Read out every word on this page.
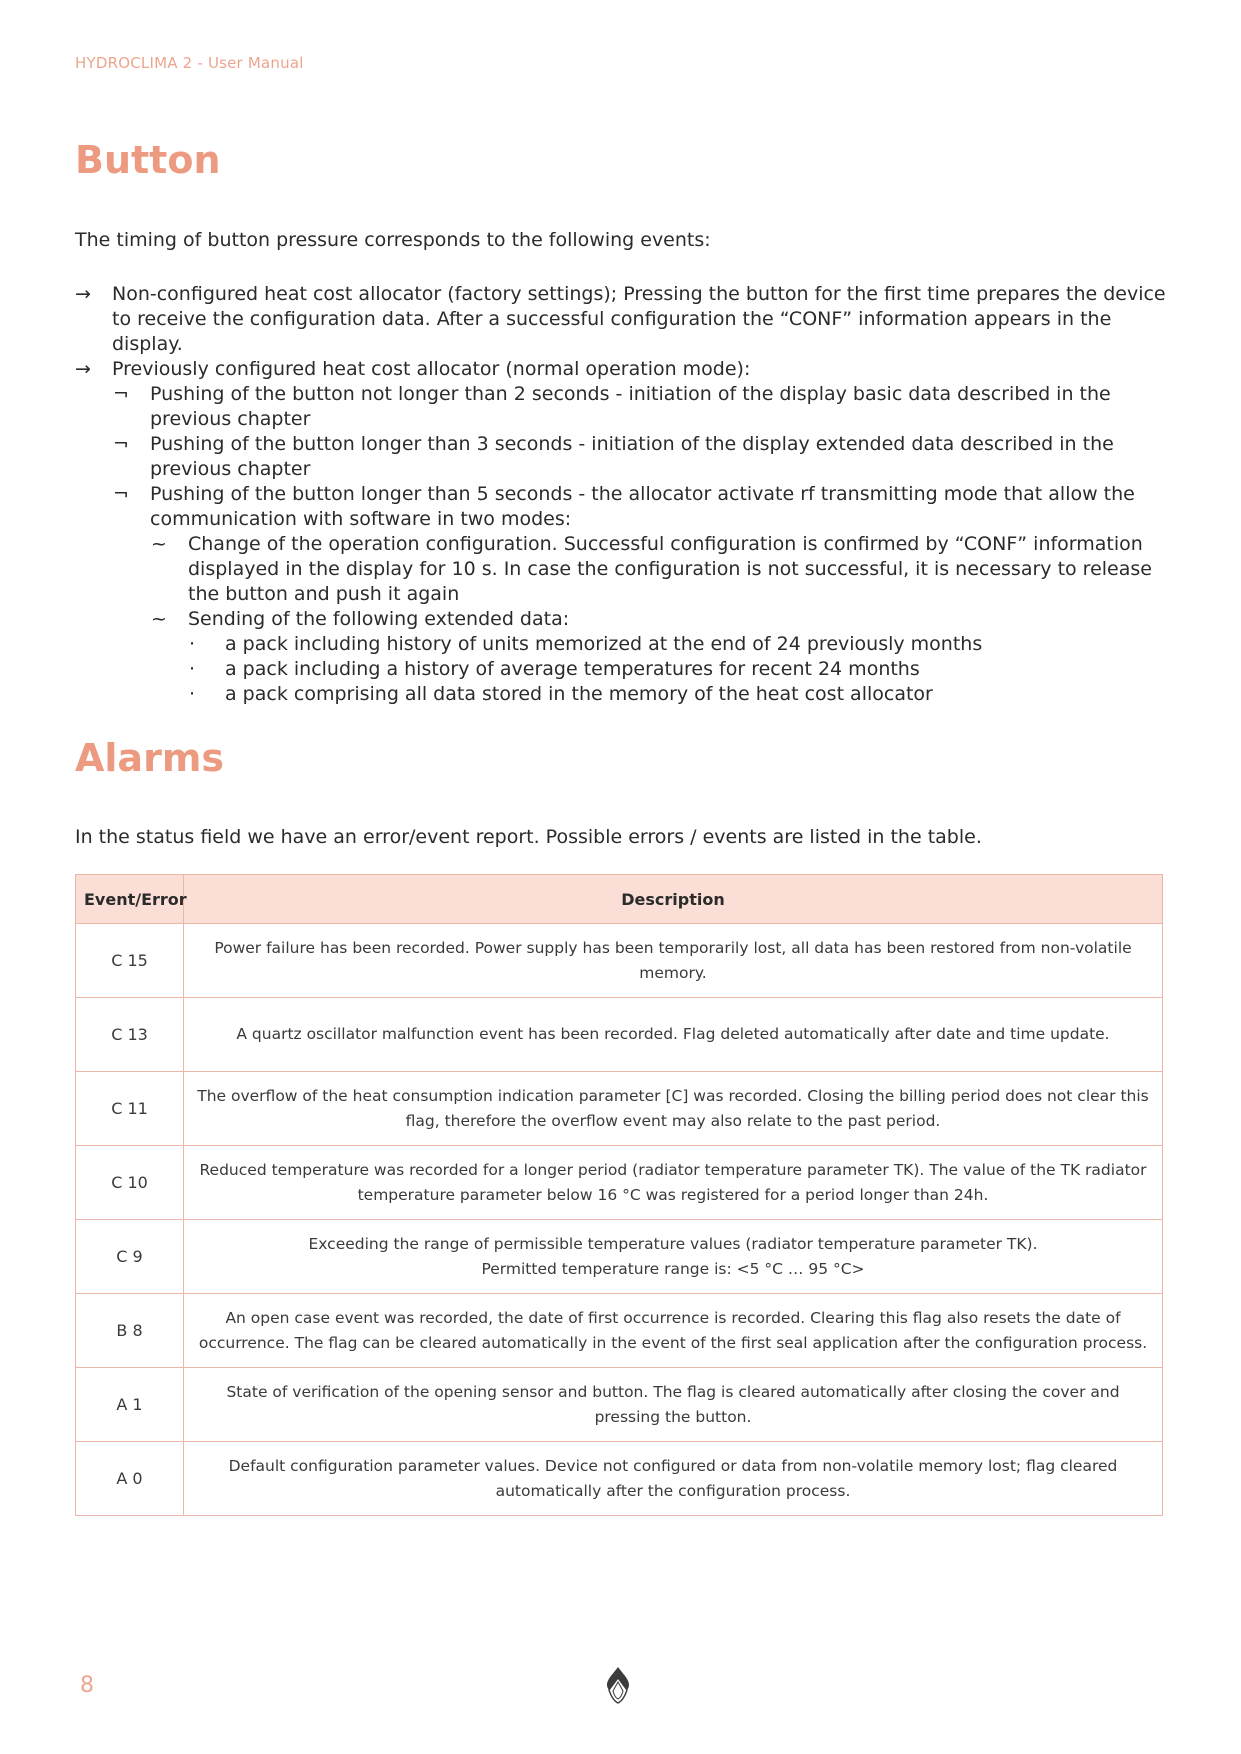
HYDROCLIMA 2 - User Manual
Button

The timing of button pressure corresponds to the following events:

→	Non-configured heat cost allocator (factory settings); Pressing the button for the first time prepares the device to receive the configuration data. After a successful configuration the “CONF” information appears in the display.
→	Previously configured heat cost allocator (normal operation mode):
¬	Pushing of the button not longer than 2 seconds - initiation of the display basic data described in the previous chapter
¬	Pushing of the button longer than 3 seconds - initiation of the display extended data described in the previous chapter
¬	Pushing of the button longer than 5 seconds - the allocator activate rf transmitting mode that allow the communication with software in two modes:
~	Change of the operation configuration. Successful configuration is confirmed by “CONF” information displayed in the display for 10 s. In case the configuration is not successful, it is necessary to release the button and push it again
~	Sending of the following extended data:
·	a pack including history of units memorized at the end of 24 previously months
·	a pack including a history of average temperatures for recent 24 months
·	a pack comprising all data stored in the memory of the heat cost allocator
Alarms

In the status field we have an error/event report. Possible errors / events are listed in the table.

Event/Error	Description
C 15	Power failure has been recorded. Power supply has been temporarily lost, all data has been restored from non-volatile memory.
C 13	A quartz oscillator malfunction event has been recorded. Flag deleted automatically after date and time update.
C 11	The overflow of the heat consumption indication parameter [C] was recorded. Closing the billing period does not clear this flag, therefore the overflow event may also relate to the past period.
C 10	Reduced temperature was recorded for a longer period (radiator temperature parameter TK). The value of the TK radiator temperature parameter below 16 °C was registered for a period longer than 24h.
C 9	Exceeding the range of permissible temperature values (radiator temperature parameter TK).
Permitted temperature range is: <5 °C … 95 °C>
B 8	An open case event was recorded, the date of first occurrence is recorded. Clearing this flag also resets the date of occurrence. The flag can be cleared automatically in the event of the first seal application after the configuration process.
A 1	State of verification of the opening sensor and button. The flag is cleared automatically after closing the cover and pressing the button.
A 0	Default configuration parameter values. Device not configured or data from non-volatile memory lost; flag cleared automatically after the configuration process.
8
